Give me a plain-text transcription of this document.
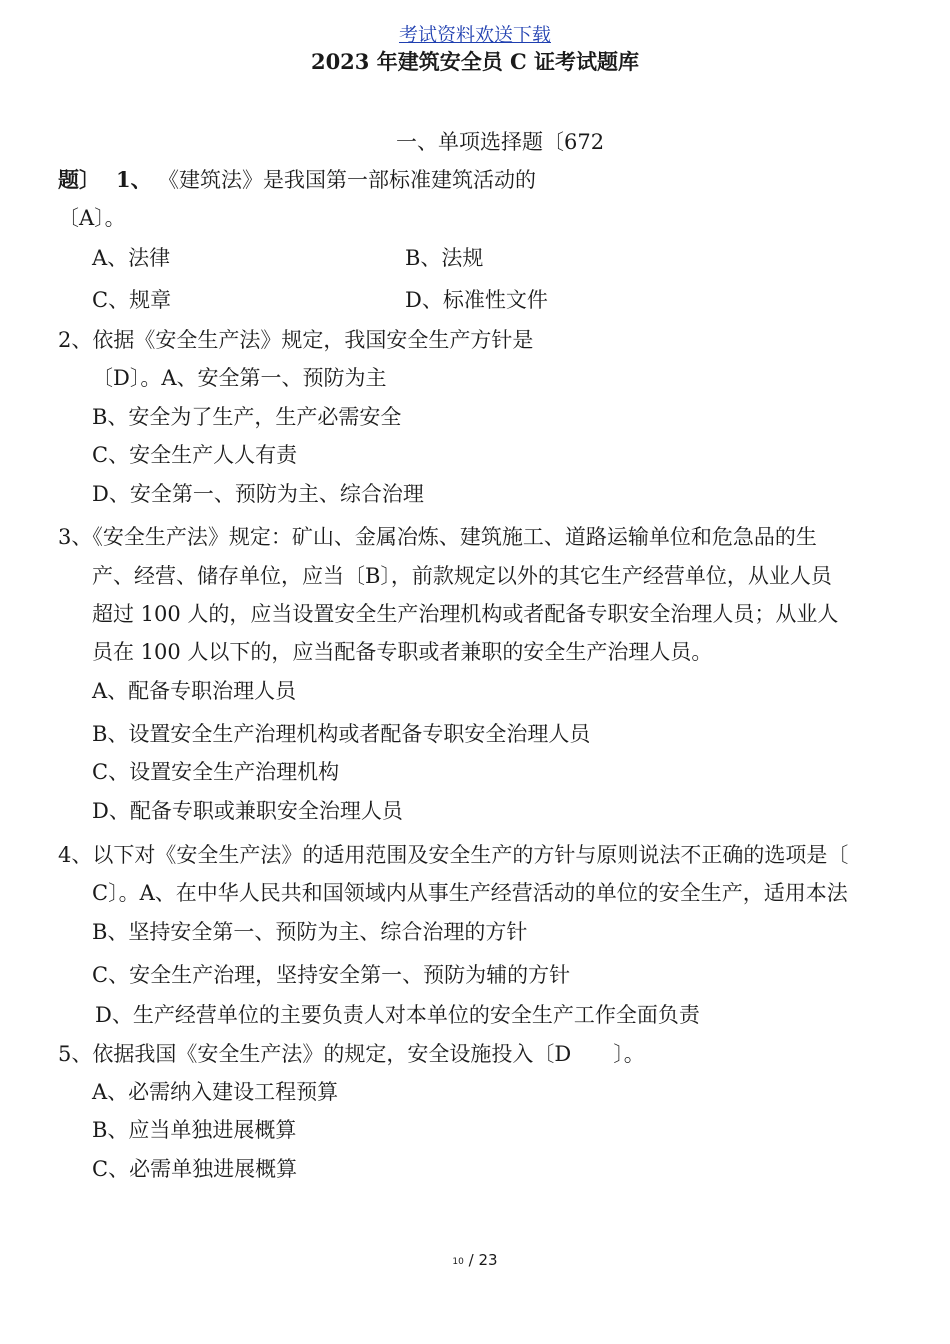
考试资料欢送下载
2023 年建筑安全员 C 证考试题库
一、单项选择题〔672
题〕 1、 《建筑法》是我国第一部标准建筑活动的
〔A〕。
A、法律	B、法规
C、规章	D、标准性文件
2、依据《安全生产法》规定，我国安全生产方针是
〔D〕。A、安全第一、预防为主
B、安全为了生产，生产必需安全
C、安全生产人人有责
D、安全第一、预防为主、综合治理
3、《安全生产法》规定：矿山、金属冶炼、建筑施工、道路运输单位和危急品的生
产、经营、储存单位，应当〔B〕，前款规定以外的其它生产经营单位，从业人员
超过 100 人的，应当设置安全生产治理机构或者配备专职安全治理人员；从业人
员在 100 人以下的，应当配备专职或者兼职的安全生产治理人员。
A、配备专职治理人员
B、设置安全生产治理机构或者配备专职安全治理人员
C、设置安全生产治理机构
D、配备专职或兼职安全治理人员
4、以下对《安全生产法》的适用范围及安全生产的方针与原则说法不正确的选项是〔
C〕。A、在中华人民共和国领域内从事生产经营活动的单位的安全生产，适用本法
B、坚持安全第一、预防为主、综合治理的方针
C、安全生产治理，坚持安全第一、预防为辅的方针
D、生产经营单位的主要负责人对本单位的安全生产工作全面负责
5、依据我国《安全生产法》的规定，安全设施投入〔D　　〕。
A、必需纳入建设工程预算
B、应当单独进展概算
C、必需单独进展概算
10 / 23
